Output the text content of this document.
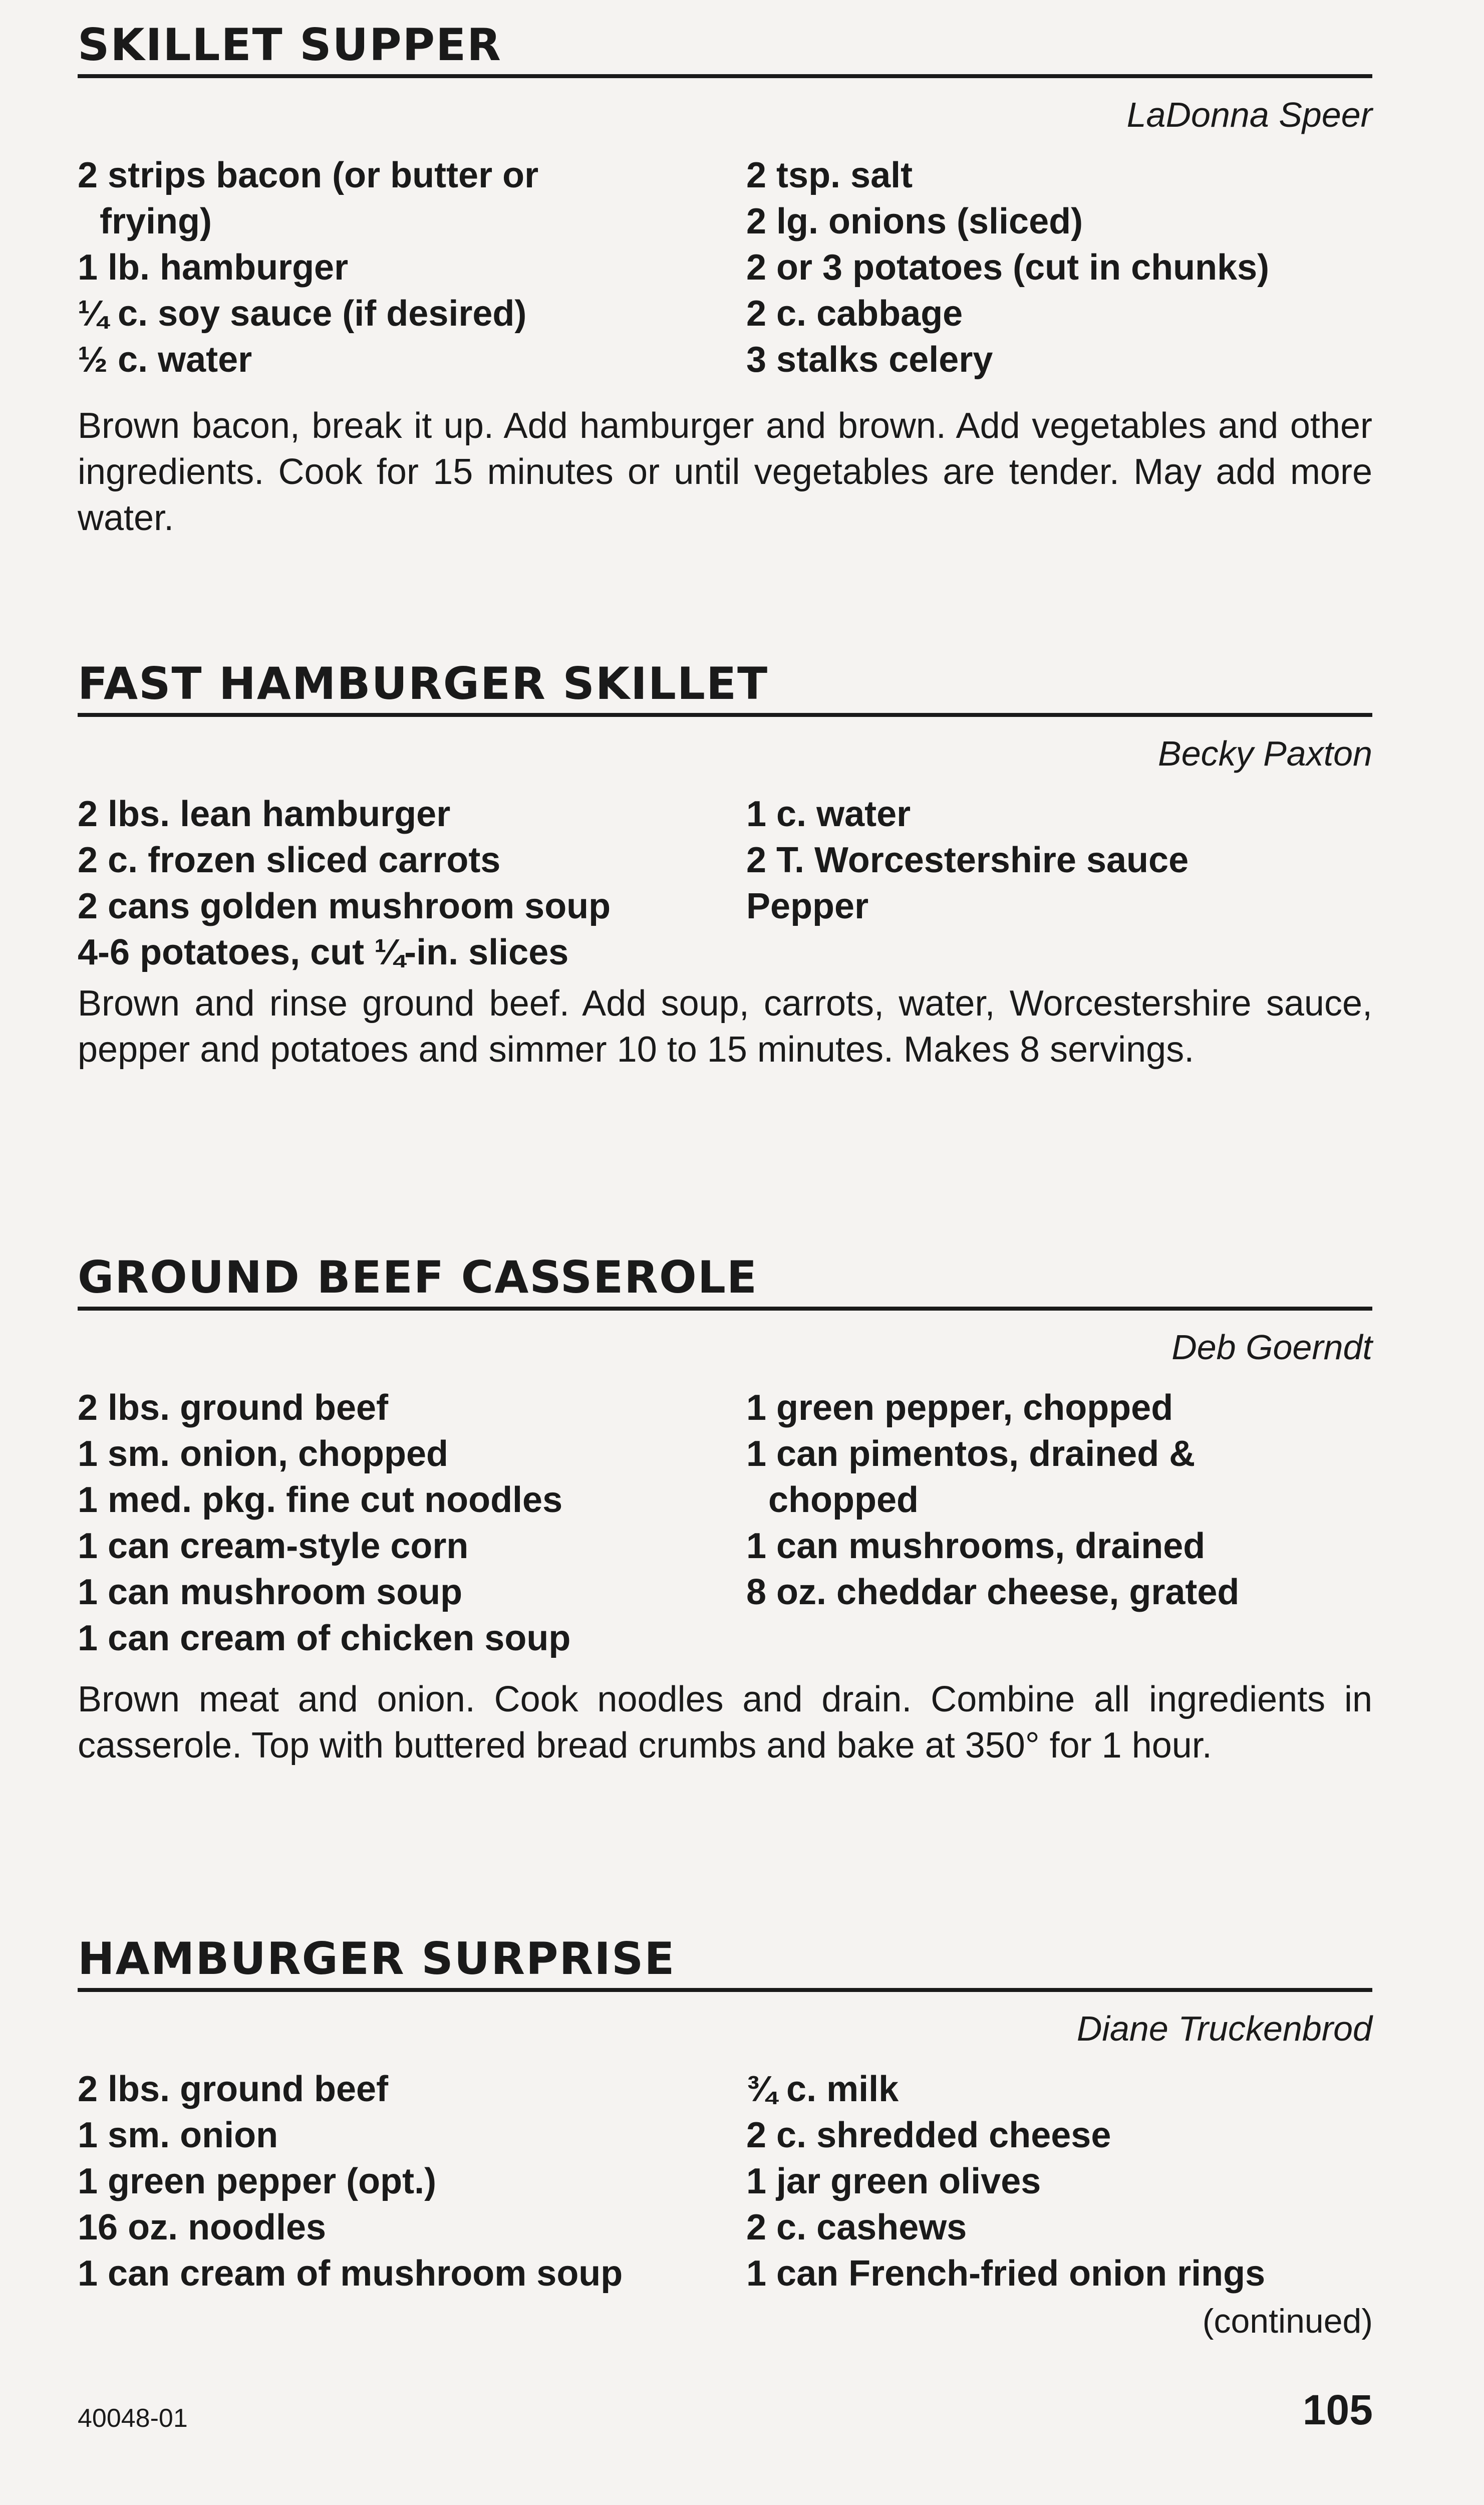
SKILLET SUPPER
LaDonna Speer
2 strips bacon (or butter or
frying)
1 lb. hamburger
¼ c. soy sauce (if desired)
½ c. water
2 tsp. salt
2 lg. onions (sliced)
2 or 3 potatoes (cut in chunks)
2 c. cabbage
3 stalks celery

Brown bacon, break it up. Add hamburger and brown. Add vegetables and other ingredients. Cook for 15 minutes or until vegetables are tender. May add more water.

FAST HAMBURGER SKILLET
Becky Paxton
2 lbs. lean hamburger
2 c. frozen sliced carrots
2 cans golden mushroom soup
4-6 potatoes, cut ¼-in. slices
1 c. water
2 T. Worcestershire sauce
Pepper

Brown and rinse ground beef. Add soup, carrots, water, Worcestershire sauce, pepper and potatoes and simmer 10 to 15 minutes. Makes 8 servings.

GROUND BEEF CASSEROLE
Deb Goerndt
2 lbs. ground beef
1 sm. onion, chopped
1 med. pkg. fine cut noodles
1 can cream-style corn
1 can mushroom soup
1 can cream of chicken soup
1 green pepper, chopped
1 can pimentos, drained &
chopped
1 can mushrooms, drained
8 oz. cheddar cheese, grated

Brown meat and onion. Cook noodles and drain. Combine all ingredients in casserole. Top with buttered bread crumbs and bake at 350° for 1 hour.

HAMBURGER SURPRISE
Diane Truckenbrod
2 lbs. ground beef
1 sm. onion
1 green pepper (opt.)
16 oz. noodles
1 can cream of mushroom soup
¾ c. milk
2 c. shredded cheese
1 jar green olives
2 c. cashews
1 can French-fried onion rings
(continued)
40048-01	105
